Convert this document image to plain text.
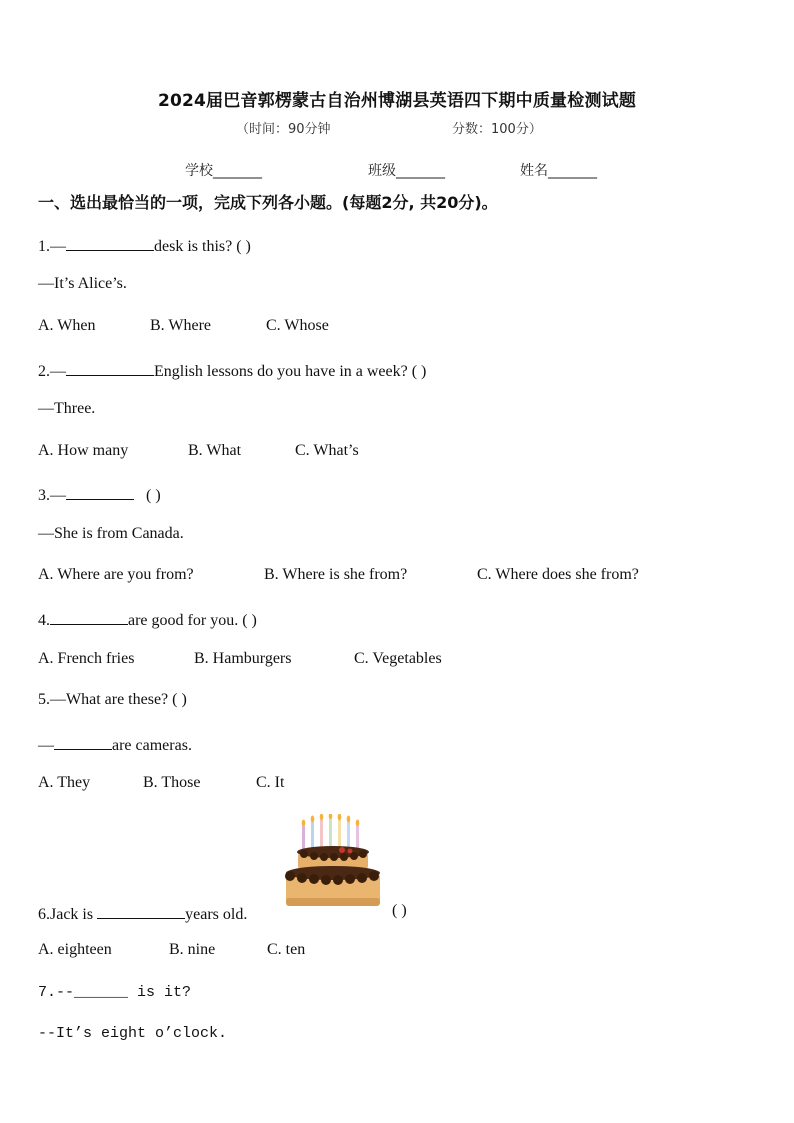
2024届巴音郭楞蒙古自治州博湖县英语四下期中质量检测试题
（时间：90分钟	分数：100分）
学校_______	班级_______	姓名_______
一、选出最恰当的一项，完成下列各小题。(每题2分, 共20分)。
1.—	desk is this? ( )
—It’s Alice’s.
A. When	B. Where	C. Whose
2.—	English lessons do you have in a week? ( )
—Three.
A. How many	B. What	C. What’s
3.—	( )
—She is from Canada.
A. Where are you from?	B. Where is she from?	C. Where does she from?
4.	are good for you. ( )
A. French fries	B. Hamburgers	C. Vegetables
5.—What are these? ( )
—	are cameras.
A. They	B. Those	C. It
6.Jack is	years old.	( )
A. eighteen	B. nine	C. ten
7.--______ is it?
--It’s eight o’clock.
